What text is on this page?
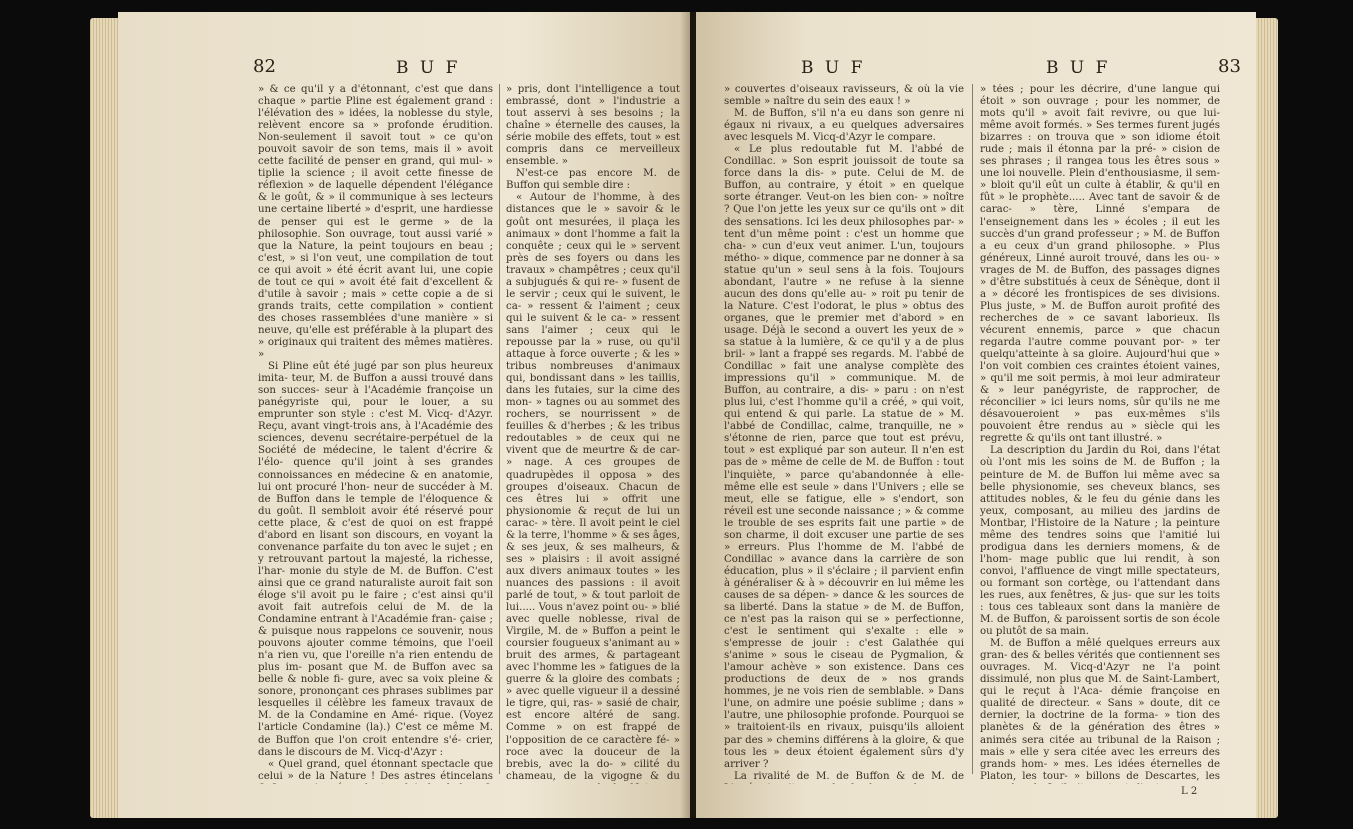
82	B U F

» & ce qu'il y a d'étonnant, c'est que dans chaque » partie Pline est également grand : l'élévation des » idées, la noblesse du style, relèvent encore sa » profonde érudition. Non-seulement il savoit tout » ce qu'on pouvoit savoir de son tems, mais il » avoit cette facilité de penser en grand, qui mul- » tiplie la science ; il avoit cette finesse de réflexion » de laquelle dépendent l'élégance & le goût, & » il communique à ses lecteurs une certaine liberté » d'esprit, une hardiesse de penser qui est le germe » de la philosophie. Son ouvrage, tout aussi varié » que la Nature, la peint toujours en beau ; c'est, » si l'on veut, une compilation de tout ce qui avoit » été écrit avant lui, une copie de tout ce qui » avoit été fait d'excellent & d'utile à savoir ; mais » cette copie a de si grands traits, cette compilation » contient des choses rassemblées d'une manière » si neuve, qu'elle est préférable à la plupart des » originaux qui traitent des mêmes matières. »

Si Pline eût été jugé par son plus heureux imita- teur, M. de Buffon a aussi trouvé dans son succes- seur à l'Académie françoise un panégyriste qui, pour le louer, a su emprunter son style : c'est M. Vicq- d'Azyr. Reçu, avant vingt-trois ans, à l'Académie des sciences, devenu secrétaire-perpétuel de la Société de médecine, le talent d'écrire & l'élo- quence qu'il joint à ses grandes connoissances en médecine & en anatomie, lui ont procuré l'hon- neur de succéder à M. de Buffon dans le temple de l'éloquence & du goût. Il sembloit avoir été réservé pour cette place, & c'est de quoi on est frappé d'abord en lisant son discours, en voyant la convenance parfaite du ton avec le sujet ; en y retrouvant partout la majesté, la richesse, l'har- monie du style de M. de Buffon. C'est ainsi que ce grand naturaliste auroit fait son éloge s'il avoit pu le faire ; c'est ainsi qu'il avoit fait autrefois celui de M. de la Condamine entrant à l'Académie fran- çaise ; & puisque nous rappelons ce souvenir, nous pouvons ajouter comme témoins, que l'oeil n'a rien vu, que l'oreille n'a rien entendu de plus im- posant que M. de Buffon avec sa belle & noble fi- gure, avec sa voix pleine & sonore, prononçant ces phrases sublimes par lesquelles il célèbre les fameux travaux de M. de la Condamine en Amé- rique. (Voyez l'article Condamine (la).) C'est ce même M. de Buffon que l'on croit entendre s'é- crier, dans le discours de M. Vicq-d'Azyr :

« Quel grand, quel étonnant spectacle que celui » de la Nature ! Des astres étincelans

» pris, dont l'intelligence a tout embrassé, dont » l'industrie a tout asservi à ses besoins ; la chaîne » éternelle des causes, la série mobile des effets, tout » est compris dans ce merveilleux ensemble. »

N'est-ce pas encore M. de Buffon qui semble dire :

« Autour de l'homme, à des distances que le » savoir & le goût ont mesurées, il plaça les animaux » dont l'homme a fait la conquête ; ceux qui le » servent près de ses foyers ou dans les travaux » champêtres ; ceux qu'il a subjugués & qui re- » fusent de le servir ; ceux qui le suivent, le ca- » ressent & l'aiment ; ceux qui le suivent & le ca- » ressent sans l'aimer ; ceux qui le repousse par la » ruse, ou qu'il attaque à force ouverte ; & les » tribus nombreuses d'animaux qui, bondissant dans » les taillis, dans les futaies, sur la cime des mon- » tagnes ou au sommet des rochers, se nourrissent » de feuilles & d'herbes ; & les tribus redoutables » de ceux qui ne vivent que de meurtre & de car- » nage. A ces groupes de quadrupèdes il opposa » des groupes d'oiseaux. Chacun de ces êtres lui » offrit une physionomie & reçut de lui un carac- » tère. Il avoit peint le ciel & la terre, l'homme » & ses âges, & ses jeux, & ses malheurs, & ses » plaisirs : il avoit assigné aux divers animaux toutes » les nuances des passions : il avoit parlé de tout, » & tout parloit de lui..... Vous n'avez point ou- » blié avec quelle noblesse, rival de Virgile, M. de » Buffon a peint le coursier fougueux s'animant au » bruit des armes, & partageant avec l'homme les » fatigues de la guerre & la gloire des combats ; » avec quelle vigueur il a dessiné le tigre, qui, ras- » sasié de chair, est encore altéré de sang. Comme » on est frappé de l'opposition de ce caractère fé- » roce avec la douceur de la brebis, avec la do- » cilité du chameau, de la vigogne & du

B U F	B U F	83

» couvertes d'oiseaux ravisseurs, & où la vie semble » naître du sein des eaux ! »

M. de Buffon, s'il n'a eu dans son genre ni égaux ni rivaux, a eu quelques adversaires avec lesquels M. Vicq-d'Azyr le compare.

« Le plus redoutable fut M. l'abbé de Condillac. » Son esprit jouissoit de toute sa force dans la dis- » pute. Celui de M. de Buffon, au contraire, y étoit » en quelque sorte étranger. Veut-on les bien con- » noître ? Que l'on jette les yeux sur ce qu'ils ont » dit des sensations. Ici les deux philosophes par- » tent d'un même point : c'est un homme que cha- » cun d'eux veut animer. L'un, toujours métho- » dique, commence par ne donner à sa statue qu'un » seul sens à la fois. Toujours abondant, l'autre » ne refuse à la sienne aucun des dons qu'elle au- » roit pu tenir de la Nature. C'est l'odorat, le plus » obtus des organes, que le premier met d'abord » en usage. Déjà le second a ouvert les yeux de » sa statue à la lumière, & ce qu'il y a de plus bril- » lant a frappé ses regards. M. l'abbé de Condillac » fait une analyse complète des impressions qu'il » communique. M. de Buffon, au contraire, a dis- » paru : on n'est plus lui, c'est l'homme qu'il a créé, » qui voit, qui entend & qui parle. La statue de » M. l'abbé de Condillac, calme, tranquille, ne » s'étonne de rien, parce que tout est prévu, tout » est expliqué par son auteur. Il n'en est pas de » même de celle de M. de Buffon : tout l'inquiète, » parce qu'abandonnée à elle-même elle est seule » dans l'Univers ; elle se meut, elle se fatigue, elle » s'endort, son réveil est une seconde naissance ; » & comme le trouble de ses esprits fait une partie » de son charme, il doit excuser une partie de ses » erreurs. Plus l'homme de M. l'abbé de Condillac » avance dans la carrière de son éducation, plus » il s'éclaire ; il parvient enfin à généraliser & à » découvrir en lui même les causes de sa dépen- » dance & les sources de sa liberté. Dans la statue » de M. de Buffon, ce n'est pas la raison qui se » perfectionne, c'est le sentiment qui s'exalte : elle » s'empresse de jouir : c'est Galathée qui s'anime » sous le ciseau de Pygmalion, & l'amour achève » son existence. Dans ces productions de deux de » nos grands hommes, je ne vois rien de semblable. » Dans l'une, on admire une poésie sublime ; dans » l'autre, une philosophie profonde. Pourquoi se » traitoient-ils en rivaux, puisqu'ils alloient par des » chemins différens à la gloire, & que tous les » deux étoient également sûrs d'y arriver ?

La rivalité de M. de Buffon & de M. de

» tées ; pour les décrire, d'une langue qui étoit » son ouvrage ; pour les nommer, de mots qu'il » avoit fait revivre, ou que lui-même avoit formés. » Ses termes furent jugés bizarres : on trouva que » son idiome étoit rude ; mais il étonna par la pré- » cision de ses phrases ; il rangea tous les êtres sous » une loi nouvelle. Plein d'enthousiasme, il sem- » bloit qu'il eût un culte à établir, & qu'il en fût » le prophète..... Avec tant de savoir & de carac- » tère, Linné s'empara de l'enseignement dans les » écoles ; il eut les succès d'un grand professeur ; » M. de Buffon a eu ceux d'un grand philosophe. » Plus généreux, Linné auroit trouvé, dans les ou- » vrages de M. de Buffon, des passages dignes » d'être substitués à ceux de Sénèque, dont il a » décoré les frontispices de ses divisions. Plus juste, » M. de Buffon auroit profité des recherches de » ce savant laborieux. Ils vécurent ennemis, parce » que chacun regarda l'autre comme pouvant por- » ter quelqu'atteinte à sa gloire. Aujourd'hui que » l'on voit combien ces craintes étoient vaines, » qu'il me soit permis, à moi leur admirateur & » leur panégyriste, de rapprocher, de réconcilier » ici leurs noms, sûr qu'ils ne me désavoueroient » pas eux-mêmes s'ils pouvoient être rendus au » siècle qui les regrette & qu'ils ont tant illustré. »

La description du Jardin du Roi, dans l'état où l'ont mis les soins de M. de Buffon ; la peinture de M. de Buffon lui même avec sa belle physionomie, ses cheveux blancs, ses attitudes nobles, & le feu du génie dans les yeux, composant, au milieu des jardins de Montbar, l'Histoire de la Nature ; la peinture même des tendres soins que l'amitié lui prodigua dans les derniers momens, & de l'hom- mage public que lui rendit, à son convoi, l'affluence de vingt mille spectateurs, ou formant son cortège, ou l'attendant dans les rues, aux fenêtres, & jus- que sur les toits : tous ces tableaux sont dans la manière de M. de Buffon, & paroissent sortis de son école ou plutôt de sa main.

M. de Buffon a mêlé quelques erreurs aux gran- des & belles vérités que contiennent ses ouvrages. M. Vicq-d'Azyr ne l'a point dissimulé, non plus que M. de Saint-Lambert, qui le reçut à l'Aca- démie françoise en qualité de directeur. « Sans » doute, dit ce dernier, la doctrine de la forma- » tion des planètes & de la génération des êtres » animés sera citée au tribunal de la Raison ; mais » elle y sera citée avec les erreurs des grands hom- » mes. Les idées éternelles de Platon, les tour- » billons de Descartes, les

L 2
